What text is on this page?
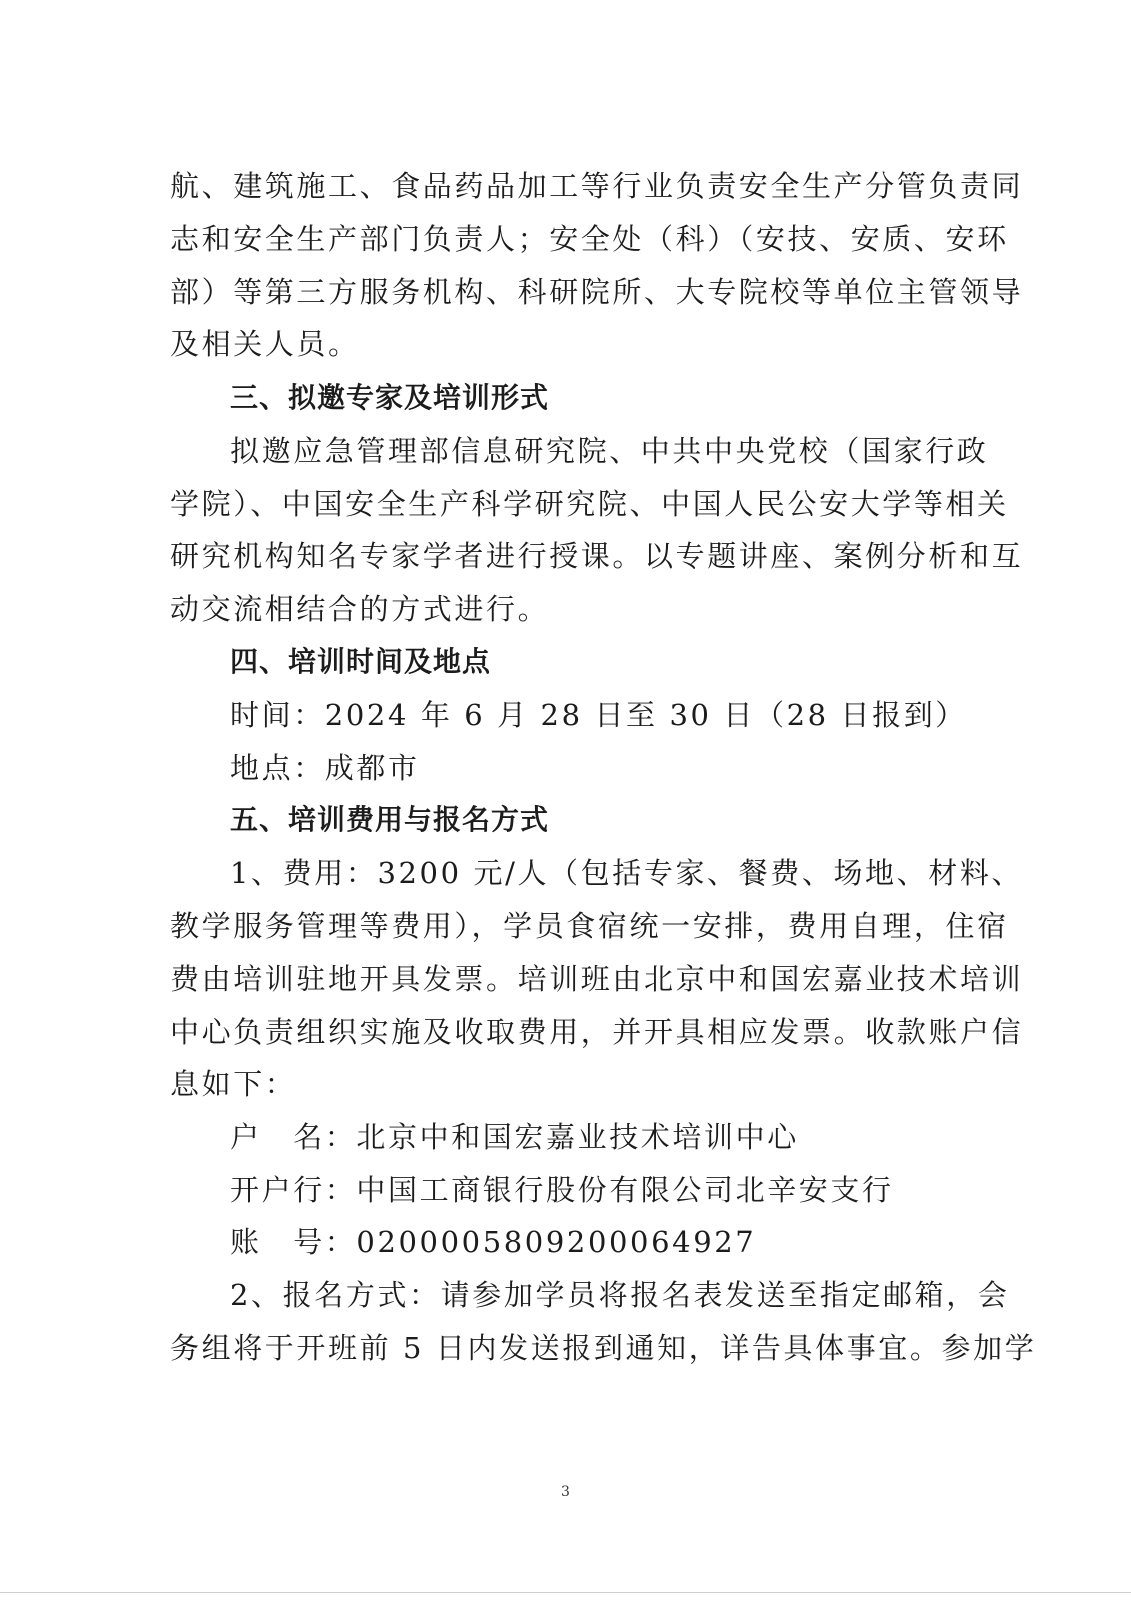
航、建筑施工、食品药品加工等行业负责安全生产分管负责同
志和安全生产部门负责人；安全处（科）（安技、安质、安环
部）等第三方服务机构、科研院所、大专院校等单位主管领导
及相关人员。
三、拟邀专家及培训形式
拟邀应急管理部信息研究院、中共中央党校（国家行政
学院）、中国安全生产科学研究院、中国人民公安大学等相关
研究机构知名专家学者进行授课。以专题讲座、案例分析和互
动交流相结合的方式进行。
四、培训时间及地点
时间：2024 年 6 月 28 日至 30 日（28 日报到）
地点：成都市
五、培训费用与报名方式
1、费用：3200 元/人（包括专家、餐费、场地、材料、
教学服务管理等费用），学员食宿统一安排，费用自理，住宿
费由培训驻地开具发票。培训班由北京中和国宏嘉业技术培训
中心负责组织实施及收取费用，并开具相应发票。收款账户信
息如下：
户　名：北京中和国宏嘉业技术培训中心
开户行：中国工商银行股份有限公司北辛安支行
账　号：0200005809200064927
2、报名方式：请参加学员将报名表发送至指定邮箱，会
务组将于开班前 5 日内发送报到通知，详告具体事宜。参加学
3
